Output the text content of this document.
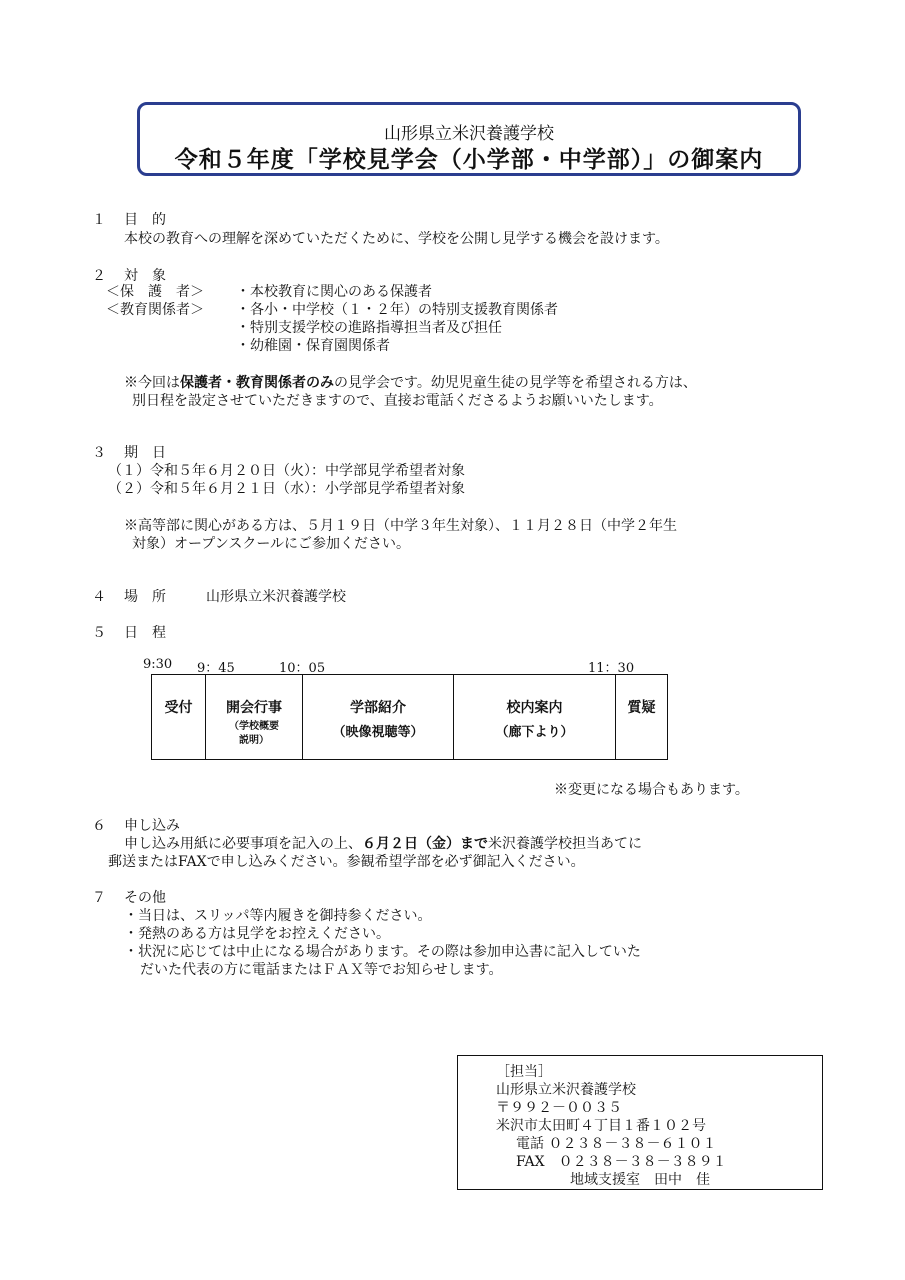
山形県立米沢養護学校
令和５年度「学校見学会（小学部・中学部）」の御案内
１ 目　的
本校の教育への理解を深めていただくために、学校を公開し見学する機会を設けます。
２ 対　象
＜保　護　者＞ ・本校教育に関心のある保護者
＜教育関係者＞ ・各小・中学校（１・２年）の特別支援教育関係者
・特別支援学校の進路指導担当者及び担任
・幼稚園・保育園関係者
※今回は保護者・教育関係者のみの見学会です。幼児児童生徒の見学等を希望される方は、
別日程を設定させていただきますので、直接お電話くださるようお願いいたします。
３ 期　日
（１）令和５年６月２０日（火）：中学部見学希望者対象
（２）令和５年６月２１日（水）：小学部見学希望者対象
※高等部に関心がある方は、５月１９日（中学３年生対象）、１１月２８日（中学２年生
対象）オープンスクールにご参加ください。
４ 場　所	山形県立米沢養護学校
５ 日　程
9:30 9：45	10：05	11：30
受付	開会行事
（学校概要
説明）
学部紹介
（映像視聴等）
校内案内
（廊下より）
質疑
※変更になる場合もあります。
６ 申し込み
申し込み用紙に必要事項を記入の上、６月２日（金）まで米沢養護学校担当あてに
郵送またはFAXで申し込みください。参観希望学部を必ず御記入ください。
７ その他
・当日は、スリッパ等内履きを御持参ください。
・発熱のある方は見学をお控えください。
・状況に応じては中止になる場合があります。その際は参加申込書に記入していた
だいた代表の方に電話またはＦＡＸ等でお知らせします。
［担当］
山形県立米沢養護学校
〒９９２－００３５
米沢市太田町４丁目１番１０２号
電話 ０２３８－３８－６１０１
FAX　０２３８－３８－３８９１
地域支援室　田中　佳
